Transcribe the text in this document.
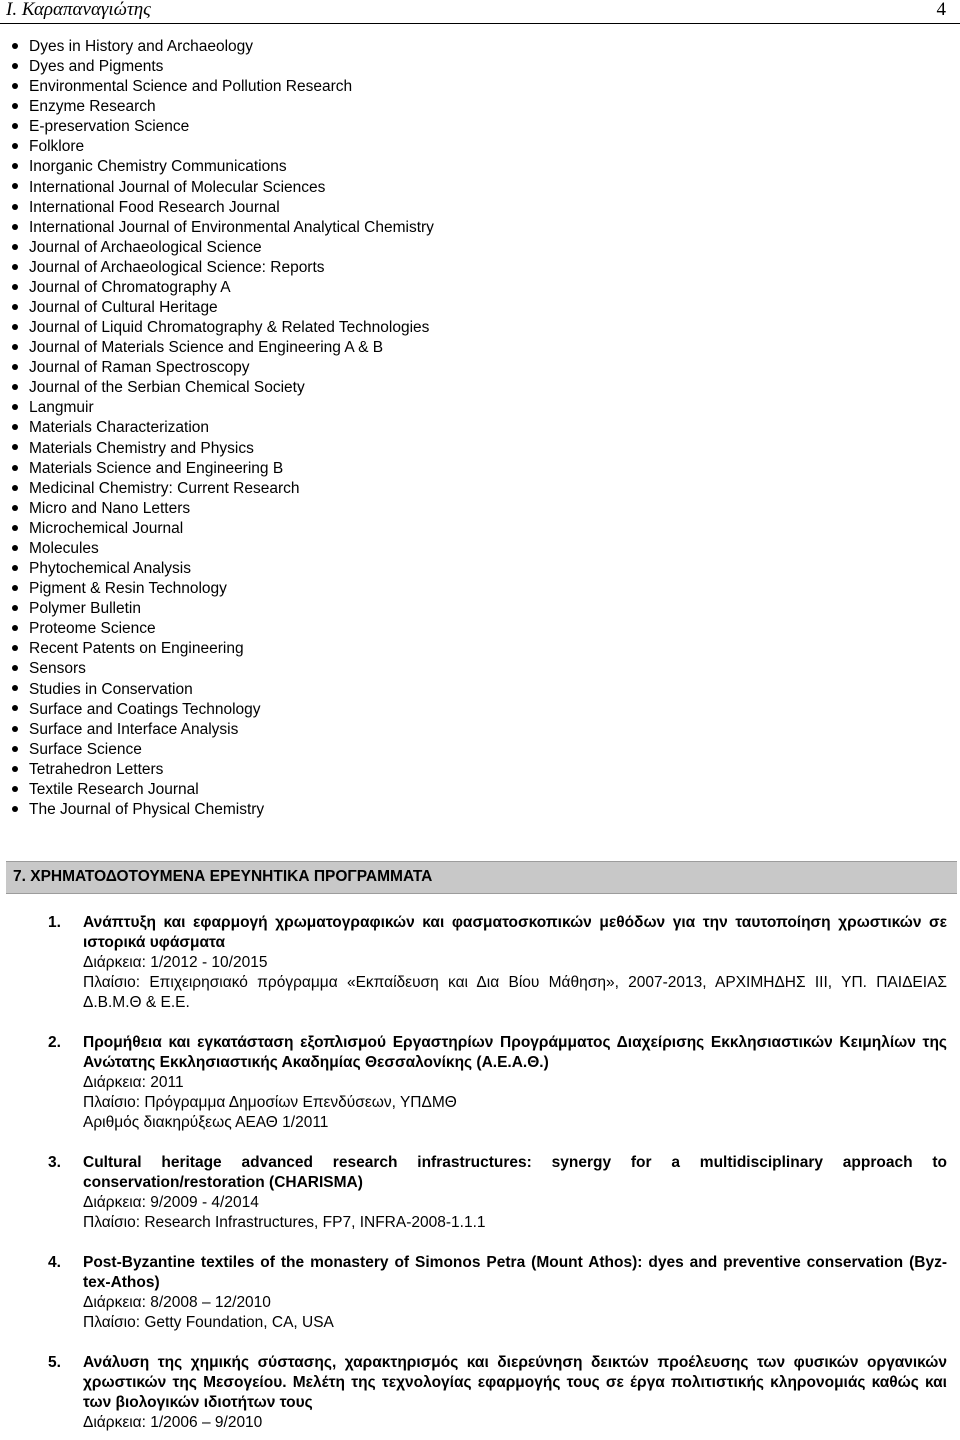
Ι. Καραπαναγιώτης	4
Dyes in History and Archaeology
Dyes and Pigments
Environmental Science and Pollution Research
Enzyme Research
E-preservation Science
Folklore
Inorganic Chemistry Communications
International Journal of Molecular Sciences
International Food Research Journal
International Journal of Environmental Analytical Chemistry
Journal of Archaeological Science
Journal of Archaeological Science: Reports
Journal of Chromatography A
Journal of Cultural Heritage
Journal of Liquid Chromatography & Related Technologies
Journal of Materials Science and Engineering A & B
Journal of Raman Spectroscopy
Journal of the Serbian Chemical Society
Langmuir
Materials Characterization
Materials Chemistry and Physics
Materials Science and Engineering B
Medicinal Chemistry: Current Research
Micro and Nano Letters
Microchemical Journal
Molecules
Phytochemical Analysis
Pigment & Resin Technology
Polymer Bulletin
Proteome Science
Recent Patents on Engineering
Sensors
Studies in Conservation
Surface and Coatings Technology
Surface and Interface Analysis
Surface Science
Tetrahedron Letters
Textile Research Journal
The Journal of Physical Chemistry
7. ΧΡΗΜΑΤΟΔΟΤΟΥΜΕΝΑ ΕΡΕΥΝΗΤΙΚΑ ΠΡΟΓΡΑΜΜΑΤΑ
1. Ανάπτυξη και εφαρμογή χρωματογραφικών και φασματοσκοπικών μεθόδων για την ταυτοποίηση χρωστικών σε ιστορικά υφάσματα
Διάρκεια: 1/2012 - 10/2015
Πλαίσιο: Επιχειρησιακό πρόγραμμα «Εκπαίδευση και Δια Βίου Μάθηση», 2007-2013, ΑΡΧΙΜΗΔΗΣ ΙΙΙ, ΥΠ. ΠΑΙΔΕΙΑΣ Δ.Β.Μ.Θ & Ε.Ε.
2. Προμήθεια και εγκατάσταση εξοπλισμού Εργαστηρίων Προγράμματος Διαχείρισης Εκκλησιαστικών Κειμηλίων της Ανώτατης Εκκλησιαστικής Ακαδημίας Θεσσαλονίκης (Α.Ε.Α.Θ.)
Διάρκεια: 2011
Πλαίσιο: Πρόγραμμα Δημοσίων Επενδύσεων, ΥΠΔΜΘ
Αριθμός διακηρύξεως ΑΕΑΘ 1/2011
3. Cultural heritage advanced research infrastructures: synergy for a multidisciplinary approach to conservation/restoration (CHARISMA)
Διάρκεια: 9/2009 - 4/2014
Πλαίσιο: Research Infrastructures, FP7, INFRA-2008-1.1.1
4. Post-Byzantine textiles of the monastery of Simonos Petra (Mount Athos): dyes and preventive conservation (Byz-tex-Athos)
Διάρκεια: 8/2008 – 12/2010
Πλαίσιο: Getty Foundation, CA, USA
5. Ανάλυση της χημικής σύστασης, χαρακτηρισμός και διερεύνηση δεικτών προέλευσης των φυσικών οργανικών χρωστικών της Μεσογείου. Μελέτη της τεχνολογίας εφαρμογής τους σε έργα πολιτιστικής κληρονομιάς καθώς και των βιολογικών ιδιοτήτων τους
Διάρκεια: 1/2006 – 9/2010
